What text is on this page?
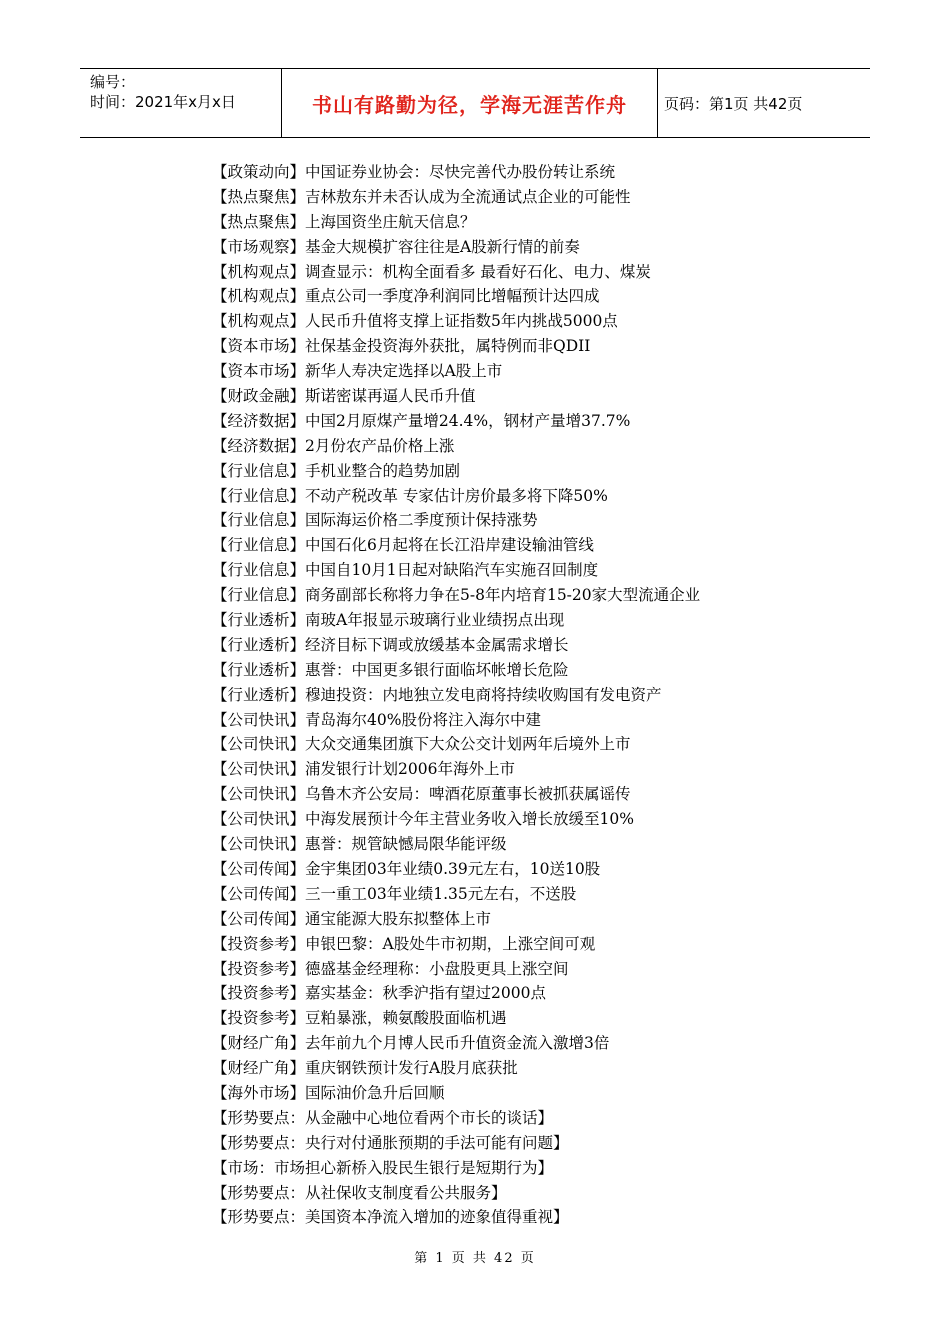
编号：
时间：2021年x月x日	书山有路勤为径，学海无涯苦作舟 页码：第1页 共42页
【政策动向】中国证券业协会：尽快完善代办股份转让系统
【热点聚焦】吉林敖东并未否认成为全流通试点企业的可能性
【热点聚焦】上海国资坐庄航天信息？
【市场观察】基金大规模扩容往往是A股新行情的前奏
【机构观点】调查显示：机构全面看多 最看好石化、电力、煤炭
【机构观点】重点公司一季度净利润同比增幅预计达四成
【机构观点】人民币升值将支撑上证指数5年内挑战5000点
【资本市场】社保基金投资海外获批，属特例而非QDII
【资本市场】新华人寿决定选择以A股上市
【财政金融】斯诺密谋再逼人民币升值
【经济数据】中国2月原煤产量增24.4%，钢材产量增37.7%
【经济数据】2月份农产品价格上涨
【行业信息】手机业整合的趋势加剧
【行业信息】不动产税改革 专家估计房价最多将下降50%
【行业信息】国际海运价格二季度预计保持涨势
【行业信息】中国石化6月起将在长江沿岸建设输油管线
【行业信息】中国自10月1日起对缺陷汽车实施召回制度
【行业信息】商务副部长称将力争在5-8年内培育15-20家大型流通企业
【行业透析】南玻A年报显示玻璃行业业绩拐点出现
【行业透析】经济目标下调或放缓基本金属需求增长
【行业透析】惠誉：中国更多银行面临坏帐增长危险
【行业透析】穆迪投资：内地独立发电商将持续收购国有发电资产
【公司快讯】青岛海尔40%股份将注入海尔中建
【公司快讯】大众交通集团旗下大众公交计划两年后境外上市
【公司快讯】浦发银行计划2006年海外上市
【公司快讯】乌鲁木齐公安局：啤酒花原董事长被抓获属谣传
【公司快讯】中海发展预计今年主营业务收入增长放缓至10%
【公司快讯】惠誉：规管缺憾局限华能评级
【公司传闻】金宇集团03年业绩0.39元左右，10送10股
【公司传闻】三一重工03年业绩1.35元左右，不送股
【公司传闻】通宝能源大股东拟整体上市
【投资参考】申银巴黎：A股处牛市初期，上涨空间可观
【投资参考】德盛基金经理称：小盘股更具上涨空间
【投资参考】嘉实基金：秋季沪指有望过2000点
【投资参考】豆粕暴涨，赖氨酸股面临机遇
【财经广角】去年前九个月博人民币升值资金流入激增3倍
【财经广角】重庆钢铁预计发行A股月底获批
【海外市场】国际油价急升后回顺
【形势要点：从金融中心地位看两个市长的谈话】
【形势要点：央行对付通胀预期的手法可能有问题】
【市场：市场担心新桥入股民生银行是短期行为】
【形势要点：从社保收支制度看公共服务】
【形势要点：美国资本净流入增加的迹象值得重视】
第 1 页 共 42 页
